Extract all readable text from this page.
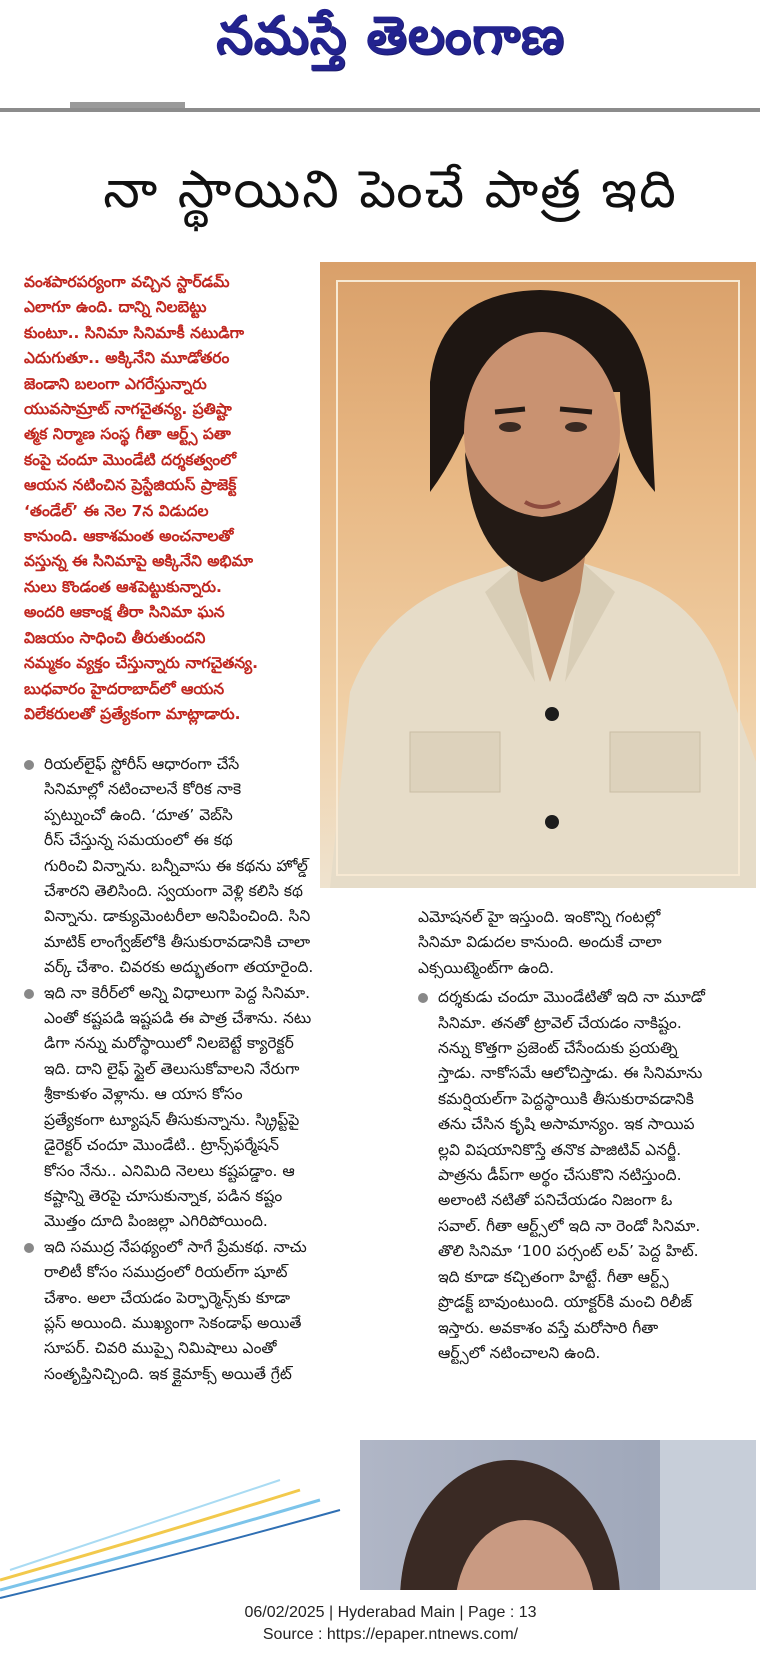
నమస్తే తెలంగాణ
నా స్థాయిని పెంచే పాత్ర ఇది
వంశపారపర్యంగా వచ్చిన స్టార్‌డమ్
ఎలాగూ ఉంది. దాన్ని నిలబెట్టు
కుంటూ.. సినిమా సినిమాకీ నటుడిగా
ఎదుగుతూ.. అక్కినేని మూడోతరం
జెండాని బలంగా ఎగరేస్తున్నారు
యువసామ్రాట్ నాగచైతన్య. ప్రతిష్టా
త్మక నిర్మాణ సంస్థ గీతా ఆర్ట్స్ పతా
కంపై చందూ మొండేటి దర్శకత్వంలో
ఆయన నటించిన ప్రెస్టేజియస్ ప్రాజెక్ట్
‘తండేల్’ ఈ నెల 7న విడుదల
కానుంది. ఆకాశమంత అంచనాలతో
వస్తున్న ఈ సినిమాపై అక్కినేని అభిమా
నులు కొండంత ఆశపెట్టుకున్నారు.
అందరి ఆకాంక్ష తీరా సినిమా ఘన
విజయం సాధించి తీరుతుందని
నమ్మకం వ్యక్తం చేస్తున్నారు నాగచైతన్య.
బుధవారం హైదరాబాద్‌లో ఆయన
విలేకరులతో ప్రత్యేకంగా మాట్లాడారు.
రియల్‌లైఫ్ స్టోరీస్ ఆధారంగా చేసే
సినిమాల్లో నటించాలనే కోరిక నాకె
ప్పట్నుంచో ఉంది. ‘దూత’ వెబ్‌సి
రీస్ చేస్తున్న సమయంలో ఈ కథ
గురించి విన్నాను. బన్నీవాసు ఈ కథను హోల్డ్
చేశారని తెలిసింది. స్వయంగా వెళ్లి కలిసి కథ
విన్నాను. డాక్యుమెంటరీలా అనిపించింది. సిని
మాటిక్ లాంగ్వేజ్‌లోకి తీసుకురావడానికి చాలా
వర్క్ చేశాం. చివరకు అద్భుతంగా తయారైంది.
ఇది నా కెరీర్‌లో అన్ని విధాలుగా పెద్ద సినిమా.
ఎంతో కష్టపడి ఇష్టపడి ఈ పాత్ర చేశాను. నటు
డిగా నన్ను మరోస్థాయిలో నిలబెట్టే క్యారెక్టర్
ఇది. దాని లైఫ్ స్టైల్ తెలుసుకోవాలని నేరుగా
శ్రీకాకుళం వెళ్లాను. ఆ యాస కోసం
ప్రత్యేకంగా ట్యూషన్ తీసుకున్నాను. స్క్రిప్ట్‌పై
డైరెక్టర్ చందూ మొండేటి.. ట్రాన్స్‌ఫర్మేషన్
కోసం నేను.. ఎనిమిది నెలలు కష్టపడ్డాం. ఆ
కష్టాన్ని తెరపై చూసుకున్నాక, పడిన కష్టం
మొత్తం దూది పింజల్లా ఎగిరిపోయింది.
ఇది సముద్ర నేపథ్యంలో సాగే ప్రేమకథ. నాచు
రాలిటీ కోసం సముద్రంలో రియల్‌గా షూట్
చేశాం. అలా చేయడం పెర్ఫార్మెన్స్‌కు కూడా
ప్లస్ అయింది. ముఖ్యంగా సెకండాఫ్ అయితే
సూపర్. చివరి ముప్పై నిమిషాలు ఎంతో
సంతృప్తినిచ్చింది. ఇక క్లైమాక్స్ అయితే గ్రేట్
ఎమోషనల్ హై ఇస్తుంది. ఇంకొన్ని గంటల్లో
సినిమా విడుదల కానుంది. అందుకే చాలా
ఎక్సయిట్మెంట్‌గా ఉంది.
దర్శకుడు చందూ మొండేటితో ఇది నా మూడో
సినిమా. తనతో ట్రావెల్ చేయడం నాకిష్టం.
నన్ను కొత్తగా ప్రజెంట్ చేసేందుకు ప్రయత్ని
స్తాడు. నాకోసమే ఆలోచిస్తాడు. ఈ సినిమాను
కమర్షియల్‌గా పెద్దస్థాయికి తీసుకురావడానికి
తను చేసిన కృషి అసామాన్యం. ఇక సాయిప
ల్లవి విషయానికొస్తే తనొక పాజిటివ్ ఎనర్జీ.
పాత్రను డీప్‌గా అర్థం చేసుకొని నటిస్తుంది.
అలాంటి నటితో పనిచేయడం నిజంగా ఓ
సవాల్. గీతా ఆర్ట్స్‌లో ఇది నా రెండో సినిమా.
తొలి సినిమా ‘100 పర్సంట్ లవ్’ పెద్ద హిట్.
ఇది కూడా కచ్చితంగా హిట్టే. గీతా ఆర్ట్స్
ప్రొడక్ట్ బావుంటుంది. యాక్టర్‌కి మంచి రిలీజ్
ఇస్తారు. అవకాశం వస్తే మరోసారి గీతా
ఆర్ట్స్‌లో నటించాలని ఉంది.
06/02/2025 | Hyderabad Main | Page : 13
Source : https://epaper.ntnews.com/
